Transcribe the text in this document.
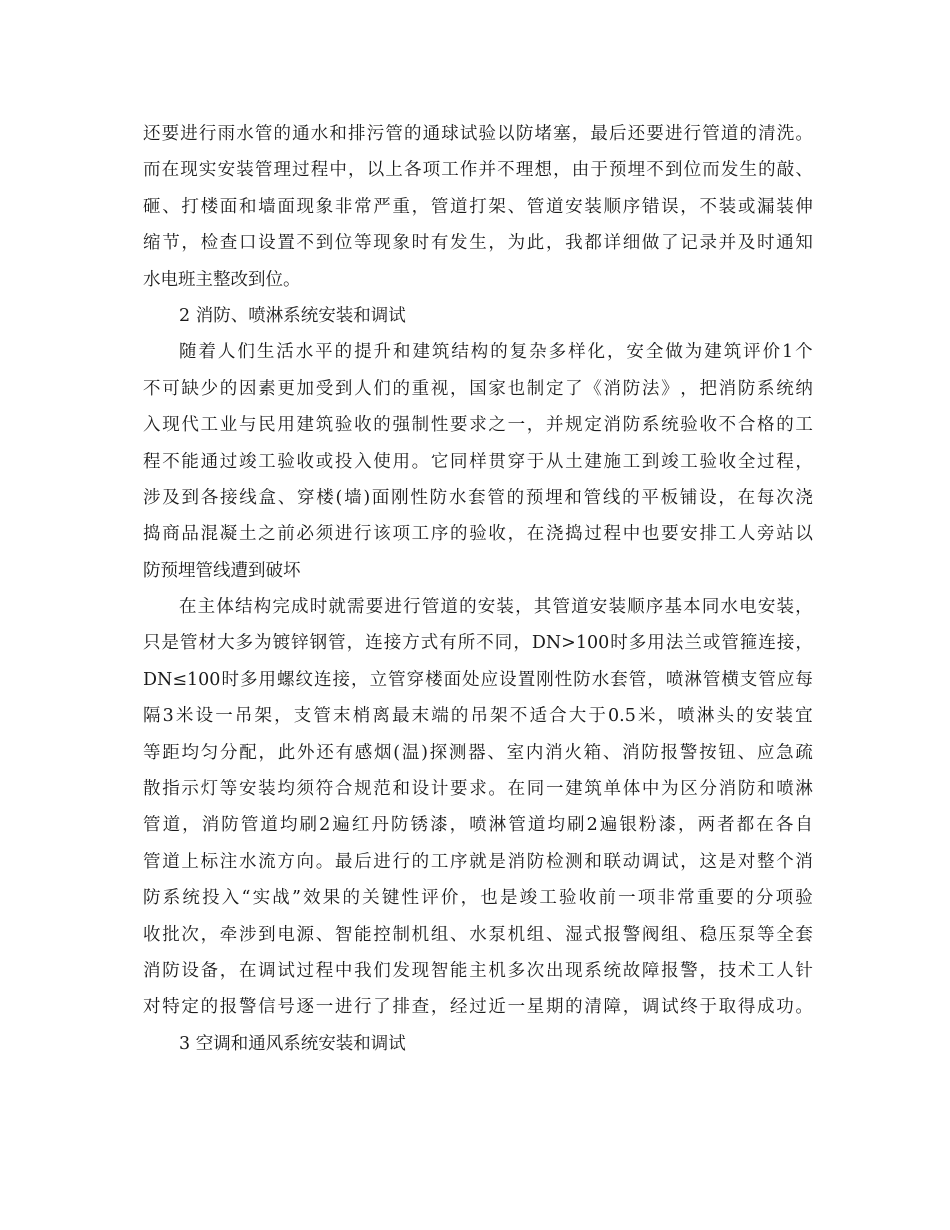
还 要 进 行 雨 水 管 的 通 水 和 排 污 管 的 通 球 试 验 以 防 堵 塞 ， 最 后 还 要 进 行 管 道 的 清 洗 。
而 在 现 实 安 装 管 理 过 程 中 ， 以 上 各 项 工 作 并 不 理 想 ， 由 于 预 埋 不 到 位 而 发 生 的 敲 、
砸 、 打 楼 面 和 墙 面 现 象 非 常 严 重 ， 管 道 打 架 、 管 道 安 装 顺 序 错 误 ， 不 装 或 漏 装 伸
缩 节 ， 检 查 口 设 置 不 到 位 等 现 象 时 有 发 生 ， 为 此 ， 我 都 详 细 做 了 记 录 并 及 时 通 知
水电班主整改到位。
2 消防、喷淋系统安装和调试
随 着 人 们 生 活 水 平 的 提 升 和 建 筑 结 构 的 复 杂 多 样 化 ， 安 全 做 为 建 筑 评 价 1 个
不 可 缺 少 的 因 素 更 加 受 到 人 们 的 重 视 ， 国 家 也 制 定 了 《 消 防 法 》 ， 把 消 防 系 统 纳
入 现 代 工 业 与 民 用 建 筑 验 收 的 强 制 性 要 求 之 一 ， 并 规 定 消 防 系 统 验 收 不 合 格 的 工
程 不 能 通 过 竣 工 验 收 或 投 入 使 用 。 它 同 样 贯 穿 于 从 土 建 施 工 到 竣 工 验 收 全 过 程 ，
涉 及 到 各 接 线 盒 、 穿 楼 ( 墙 ) 面 刚 性 防 水 套 管 的 预 埋 和 管 线 的 平 板 铺 设 ， 在 每 次 浇
捣 商 品 混 凝 土 之 前 必 须 进 行 该 项 工 序 的 验 收 ， 在 浇 捣 过 程 中 也 要 安 排 工 人 旁 站 以
防预埋管线遭到破坏
在 主 体 结 构 完 成 时 就 需 要 进 行 管 道 的 安 装 ， 其 管 道 安 装 顺 序 基 本 同 水 电 安 装 ，
只 是 管 材 大 多 为 镀 锌 钢 管 ， 连 接 方 式 有 所 不 同 ， DN>100 时 多 用 法 兰 或 管 箍 连 接 ，
DN≤100 时 多 用 螺 纹 连 接 ， 立 管 穿 楼 面 处 应 设 置 刚 性 防 水 套 管 ， 喷 淋 管 横 支 管 应 每
隔 3 米 设 一 吊 架 ， 支 管 末 梢 离 最 末 端 的 吊 架 不 适 合 大 于 0.5 米 ， 喷 淋 头 的 安 装 宜
等 距 均 匀 分 配 ， 此 外 还 有 感 烟 ( 温 ) 探 测 器 、 室 内 消 火 箱 、 消 防 报 警 按 钮 、 应 急 疏
散 指 示 灯 等 安 装 均 须 符 合 规 范 和 设 计 要 求 。 在 同 一 建 筑 单 体 中 为 区 分 消 防 和 喷 淋
管 道 ， 消 防 管 道 均 刷 2 遍 红 丹 防 锈 漆 ， 喷 淋 管 道 均 刷 2 遍 银 粉 漆 ， 两 者 都 在 各 自
管 道 上 标 注 水 流 方 向 。 最 后 进 行 的 工 序 就 是 消 防 检 测 和 联 动 调 试 ， 这 是 对 整 个 消
防 系 统 投 入 “ 实 战 ” 效 果 的 关 键 性 评 价 ， 也 是 竣 工 验 收 前 一 项 非 常 重 要 的 分 项 验
收 批 次 ， 牵 涉 到 电 源 、 智 能 控 制 机 组 、 水 泵 机 组 、 湿 式 报 警 阀 组 、 稳 压 泵 等 全 套
消 防 设 备 ， 在 调 试 过 程 中 我 们 发 现 智 能 主 机 多 次 出 现 系 统 故 障 报 警 ， 技 术 工 人 针
对 特 定 的 报 警 信 号 逐 一 进 行 了 排 查 ， 经 过 近 一 星 期 的 清 障 ， 调 试 终 于 取 得 成 功 。
3 空调和通风系统安装和调试
